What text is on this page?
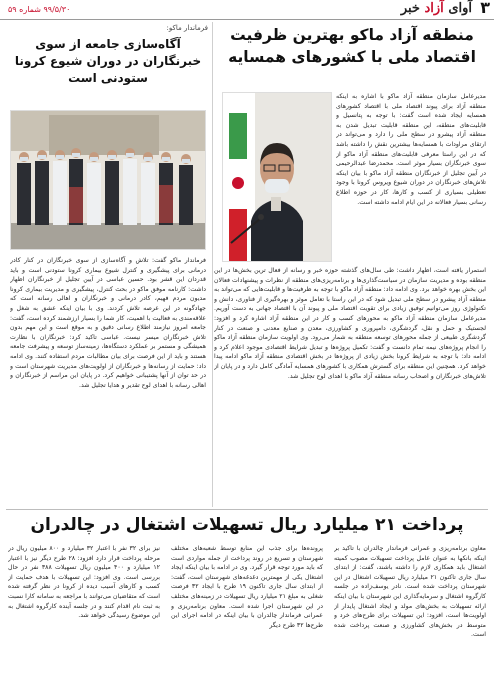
۳
آوای آزاد خبر
۹۹/۵/۳۰ شماره ۵۹
منطقه آزاد ماکو بهترین ظرفیت اقتصاد ملی با کشورهای همسایه

مدیرعامل سازمان منطقه آزاد ماکو با اشاره به اینکه منطقه آزاد برای پیوند اقتصاد ملی با اقتصاد کشورهای همسایه ایجاد شده است گفت: با توجه به پتانسیل و قابلیت‌های منطقه، این منطقه قابلیت تبدیل شدن به منطقه آزاد پیشرو در سطح ملی را دارد و می‌تواند در ارتقای مراودات با همسایه‌ها بیشترین نقش را داشته باشد که در این راستا معرفی قابلیت‌های منطقه آزاد ماکو از سوی خبرنگاران بسیار موثر است. محمدرضا عبدالرحیمی در آیین تجلیل از خبرنگاران منطقه آزاد ماکو با بیان اینکه تلاش‌های خبرنگاران در دوران شیوع ویروس کرونا با وجود تعطیلی بسیاری از کسب و کارها، کار در حوزه اطلاع رسانی بسیار فعالانه در این ایام ادامه داشته است.

استمرار یافته است، اظهار داشت: طی سال‌های گذشته حوزه خبر و رسانه از فعال ترین بخش‌ها در این منطقه بوده و مدیریت سازمان در سیاست‌گذاری‌ها و برنامه‌ریزی‌های منطقه از نظرات و پیشنهادات فعالان این بخش بهره خواهد برد. وی ادامه داد: منطقه آزاد ماکو با توجه به ظرفیت‌ها و قابلیت‌هایی که می‌تواند به منطقه آزاد پیشرو در سطح ملی تبدیل شود که در این راستا با تعامل موثر و بهره‌گیری از فناوری، دانش و تکنولوژی روز می‌توانیم توفیق زیادی برای تقویت اقتصاد ملی و پیوند آن با اقتصاد جهانی به دست آوریم. مدیرعامل سازمان منطقه آزاد ماکو به محورهای کسب و کار در این منطقه آزاد اشاره کرد و افزود: لجستیک و حمل و نقل، گردشگری، دامپروری و کشاورزی، معدن و صنایع معدنی و صنعت در کنار گردشگری طبیعی از جمله محورهای توسعه منطقه به شمار می‌رود. وی اولویت سازمان منطقه آزاد ماکو را انجام پروژه‌های نیمه تمام دانست و گفت: تکمیل پروژه‌ها و تبدیل شرایط اقتصادی موجود اعلام کرد و ادامه داد: با توجه به شرایط کرونا بخش زیادی از پروژه‌ها در بخش اقتصادی منطقه آزاد ماکو ادامه پیدا خواهد کرد. همچنین این منطقه برای گسترش همکاری با کشورهای همسایه آمادگی کامل دارد و در پایان از تلاش‌های خبرنگاران و اصحاب رسانه منطقه آزاد ماکو با اهدای لوح تجلیل شد.

فرماندار ماکو:
آگاه‌سازی جامعه از سوی خبرنگاران در دوران شیوع کرونا ستودنی است

فرماندار ماکو گفت: تلاش و آگاه‌سازی از سوی خبرنگاران در کنار کادر درمانی برای پیشگیری و کنترل شیوع بیماری کرونا ستودنی است و باید قدردان این قشر بود. حسین عباسی در آیین تجلیل از خبرنگاران اظهار داشت: کارنامه موفق ماکو در بحث کنترل، پیشگیری و مدیریت بیماری کرونا مدیون مردم فهیم، کادر درمانی و خبرنگاران و اهالی رسانه است که جهادگونه در این عرصه تلاش کردند. وی با بیان اینکه عشق به شغل و علاقه‌مندی به فعالیت با اهمیت، کار شما را بسیار ارزشمند کرده است، گفت: جامعه امروز نیازمند اطلاع رسانی دقیق و به موقع است و این مهم بدون تلاش خبرنگاران میسر نیست. عباسی تاکید کرد: خبرنگاران با نظارت همیشگی و مستمر بر عملکرد دستگاه‌ها، زمینه‌ساز توسعه و پیشرفت جامعه هستند و باید از این فرصت برای بیان مطالبات مردم استفاده کنند. وی ادامه داد: حمایت از رسانه‌ها و خبرنگاران از اولویت‌های مدیریت شهرستان است و در حد توان از آنها پشتیبانی خواهیم کرد. در پایان این مراسم از خبرنگاران و اهالی رسانه با اهدای لوح تقدیر و هدایا تجلیل شد.

پرداخت ۲۱ میلیارد ریال تسهیلات اشتغال در چالدران

معاون برنامه‌ریزی و عمرانی فرماندار چالدران با تاکید بر اینکه بانکها به عنوان عامل پرداخت تسهیلات مصوب کمیته اشتغال باید همکاری لازم را داشته باشند، گفت: از ابتدای سال جاری تاکنون ۲۱ میلیارد ریال تسهیلات اشتغال در این شهرستان پرداخت شده است. نادر یوسف‌زاده در جلسه کارگروه اشتغال و سرمایه‌گذاری این شهرستان با بیان اینکه ارائه تسهیلات به بخش‌های مولد و ایجاد اشتغال پایدار از اولویت‌ها است، افزود: این تسهیلات برای طرح‌های خرد و متوسط در بخش‌های کشاورزی و صنعت پرداخت شده است.

پرونده‌ها برای جذب این منابع توسط شعبه‌های مختلف شهرستان و تسریع در روند پرداخت از جمله مواردی است که باید مورد توجه قرار گیرد. وی در ادامه با بیان اینکه ایجاد اشتغال یکی از مهمترین دغدغه‌های شهرستان است، گفت: از ابتدای سال جاری تاکنون ۱۹ طرح با ایجاد ۳۲ فرصت شغلی به مبلغ ۲۱ میلیارد ریال تسهیلات در زمینه‌های مختلف در این شهرستان اجرا شده است. معاون برنامه‌ریزی و عمرانی فرماندار چالدران با بیان اینکه در ادامه اجرای این طرح‌ها ۳۲ طرح دیگر

نیز برای ۳۲ نفر با اعتبار ۳۲ میلیارد و ۸۰۰ میلیون ریال در مرحله پرداخت قرار دارد افزود: ۲۸ طرح دیگر نیز با اعتبار ۱۲ میلیارد و ۴۰۰ میلیون ریال تسهیلات ۳۸۸ نفر در حال بررسی است. وی افزود: این تسهیلات با هدف حمایت از کسب و کارهای آسیب دیده از کرونا در نظر گرفته شده است که متقاضیان می‌توانند با مراجعه به سامانه کارا نسبت به ثبت نام اقدام کنند و در جلسه آینده کارگروه اشتغال به این موضوع رسیدگی خواهد شد.
